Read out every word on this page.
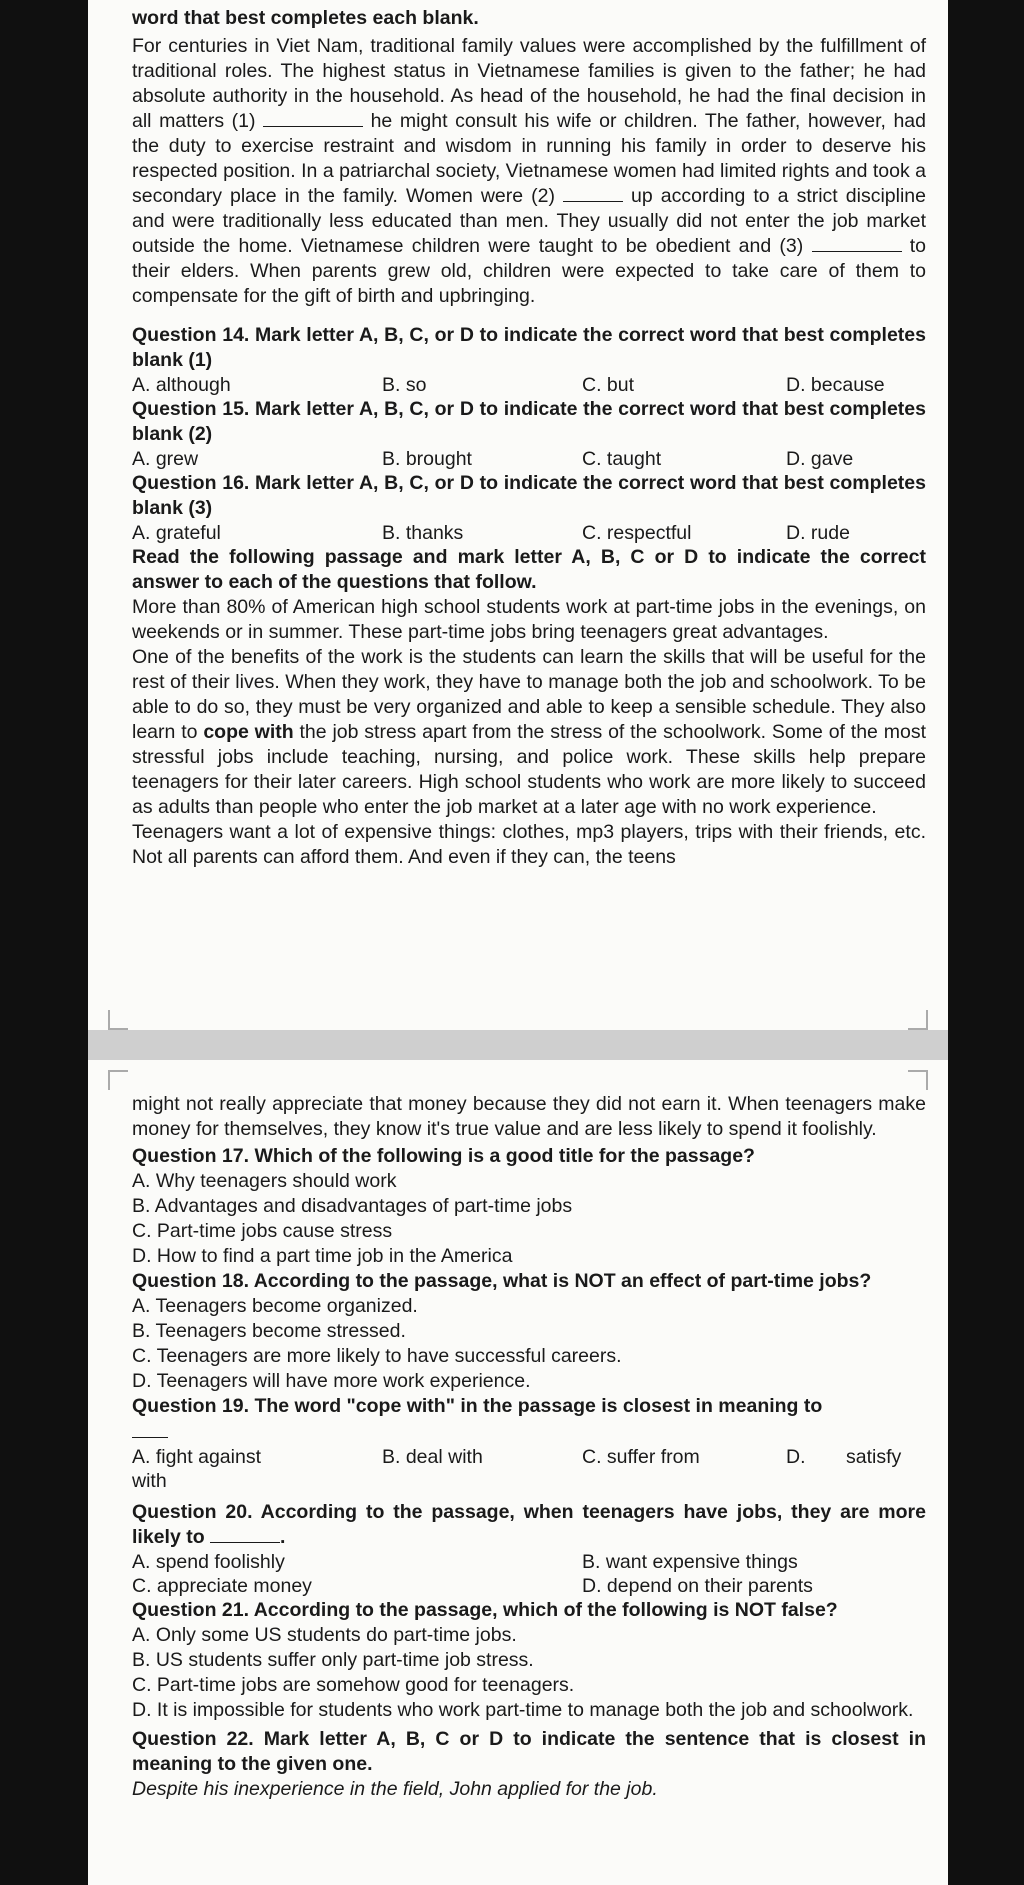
word that best completes each blank.

For centuries in Viet Nam, traditional family values were accomplished by the fulfillment of traditional roles. The highest status in Vietnamese families is given to the father; he had absolute authority in the household. As head of the household, he had the final decision in all matters (1)	he might consult his wife or children. The father, however, had the duty to exercise restraint and wisdom in running his family in order to deserve his respected position. In a patriarchal society, Vietnamese women had limited rights and took a secondary place in the family. Women were (2)	up according to a strict discipline and were traditionally less educated than men. They usually did not enter the job market outside the home. Vietnamese children were taught to be obedient and (3)	to their elders. When parents grew old, children were expected to take care of them to compensate for the gift of birth and upbringing.

Question 14. Mark letter A, B, C, or D to indicate the correct word that best completes blank (1)

A. although	B. so	C. but	D. because

Question 15. Mark letter A, B, C, or D to indicate the correct word that best completes blank (2)

A. grew	B. brought	C. taught	D. gave

Question 16. Mark letter A, B, C, or D to indicate the correct word that best completes blank (3)

A. grateful	B. thanks	C. respectful	D. rude

Read the following passage and mark letter A, B, C or D to indicate the correct answer to each of the questions that follow.

More than 80% of American high school students work at part-time jobs in the evenings, on weekends or in summer. These part-time jobs bring teenagers great advantages.

One of the benefits of the work is the students can learn the skills that will be useful for the rest of their lives. When they work, they have to manage both the job and schoolwork. To be able to do so, they must be very organized and able to keep a sensible schedule. They also learn to cope with the job stress apart from the stress of the schoolwork. Some of the most stressful jobs include teaching, nursing, and police work. These skills help prepare teenagers for their later careers. High school students who work are more likely to succeed as adults than people who enter the job market at a later age with no work experience.

Teenagers want a lot of expensive things: clothes, mp3 players, trips with their friends, etc. Not all parents can afford them. And even if they can, the teens

might not really appreciate that money because they did not earn it. When teenagers make money for themselves, they know it's true value and are less likely to spend it foolishly.

Question 17. Which of the following is a good title for the passage?

A. Why teenagers should work
B. Advantages and disadvantages of part-time jobs
C. Part-time jobs cause stress
D. How to find a part time job in the America

Question 18. According to the passage, what is NOT an effect of part-time jobs?

A. Teenagers become organized.
B. Teenagers become stressed.
C. Teenagers are more likely to have successful careers.
D. Teenagers will have more work experience.

Question 19. The word "cope with" in the passage is closest in meaning to

A. fight against	B. deal with	C. suffer from	D.	satisfy
with

Question 20. According to the passage, when teenagers have jobs, they are more likely to	.

A. spend foolishly	B. want expensive things
C. appreciate money	D. depend on their parents

Question 21. According to the passage, which of the following is NOT false?

A. Only some US students do part-time jobs.
B. US students suffer only part-time job stress.
C. Part-time jobs are somehow good for teenagers.
D. It is impossible for students who work part-time to manage both the job and schoolwork.

Question 22. Mark letter A, B, C or D to indicate the sentence that is closest in meaning to the given one.

Despite his inexperience in the field, John applied for the job.
